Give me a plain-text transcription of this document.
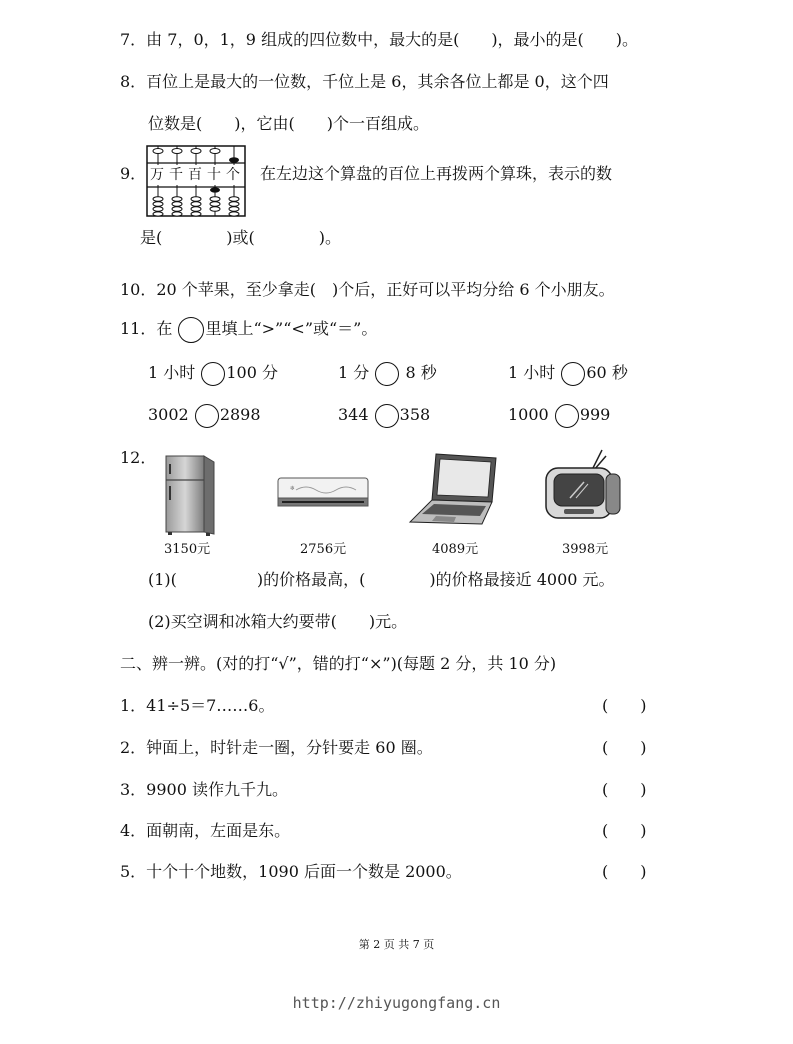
7．由 7，0，1，9 组成的四位数中，最大的是(　　)，最小的是(　　)。
8．百位上是最大的一位数，千位上是 6，其余各位上都是 0，这个四
位数是(　　)，它由(　　)个一百组成。
9． 万 千 百 十 个 在左边这个算盘的百位上再拨两个算珠，表示的数
是(　　　　)或(　　　　)。
10．20 个苹果，至少拿走(　)个后，正好可以平均分给 6 个小朋友。
11．在 里填上“>”“<”或“＝”。
1 小时 100 分	1 分 8 秒	1 小时 60 秒
3002 2898	344 358	1000 999
12．
❄
3150元	2756元	4089元	3998元
(1)(　　　　　)的价格最高，(　　　　)的价格最接近 4000 元。
(2)买空调和冰箱大约要带(　　)元。
二、辨一辨。(对的打“√”，错的打“×”)(每题 2 分，共 10 分)
1．41÷5＝7……6。	(　　)
2．钟面上，时针走一圈，分针要走 60 圈。	(　　)
3．9900 读作九千九。	(　　)
4．面朝南，左面是东。	(　　)
5．十个十个地数，1090 后面一个数是 2000。	(　　)
第 2 页 共 7 页
http://zhiyugongfang.cn
